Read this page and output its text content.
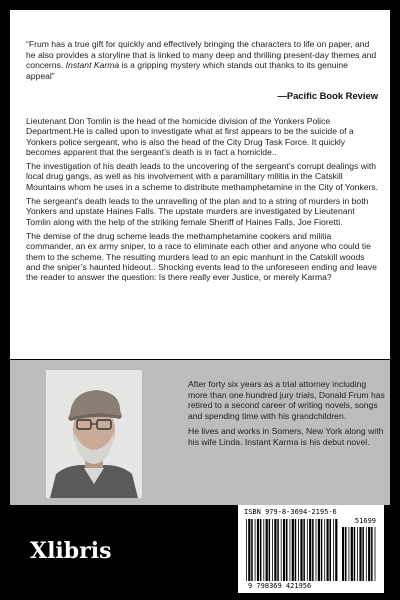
“Frum has a true gift for quickly and effectively bringing the characters to life on paper, and he also provides a storyline that is linked to many deep and thrilling present-day themes and concerns. Instant Karma is a gripping mystery which stands out thanks to its genuine appeal”
—Pacific Book Review

Lieutenant Don Tomlin is the head of the homicide division of the Yonkers Police Department.He is called upon to investigate what at first appears to be the suicide of a Yonkers police sergeant, who is also the head of the City Drug Task Force. It quickly becomes apparent that the sergeant’s death is in fact a homicide..

The investigation of his death leads to the uncovering of the sergeant’s corrupt dealings with local drug gangs, as well as his involvement with a paramilitary militia in the Catskill Mountains whom he uses in a scheme to distribute methamphetamine in the City of Yonkers.

The sergeant’s death leads to the unravelling of the plan and to a string of murders in both Yonkers and upstate Haines Falls. The upstate murders are investigated by Lieutenant Tomlin along with the help of the striking female Sheriff of Haines Falls, Joe Fioretti.

The demise of the drug scheme leads the methamphetamine cookers and militia commander, an ex army sniper, to a race to eliminate each other and anyone who could tie them to the scheme. The resulting murders lead to an epic manhunt in the Catskill woods and the sniper’s haunted hideout.. Shocking events lead to the unforeseen ending and leave the reader to answer the question: Is there really ever Justice, or merely Karma?

After forty six years as a trial attorney including more than one hundred jury trials, Donald Frum has retired to a second career of writing novels, songs and spending time with his grandchildren.

He lives and works in Somers, New York along with his wife Linda. Instant Karma is his debut novel.

Xlibris
ISBN 979-8-3694-2195-6
9 798369 421956
51699
